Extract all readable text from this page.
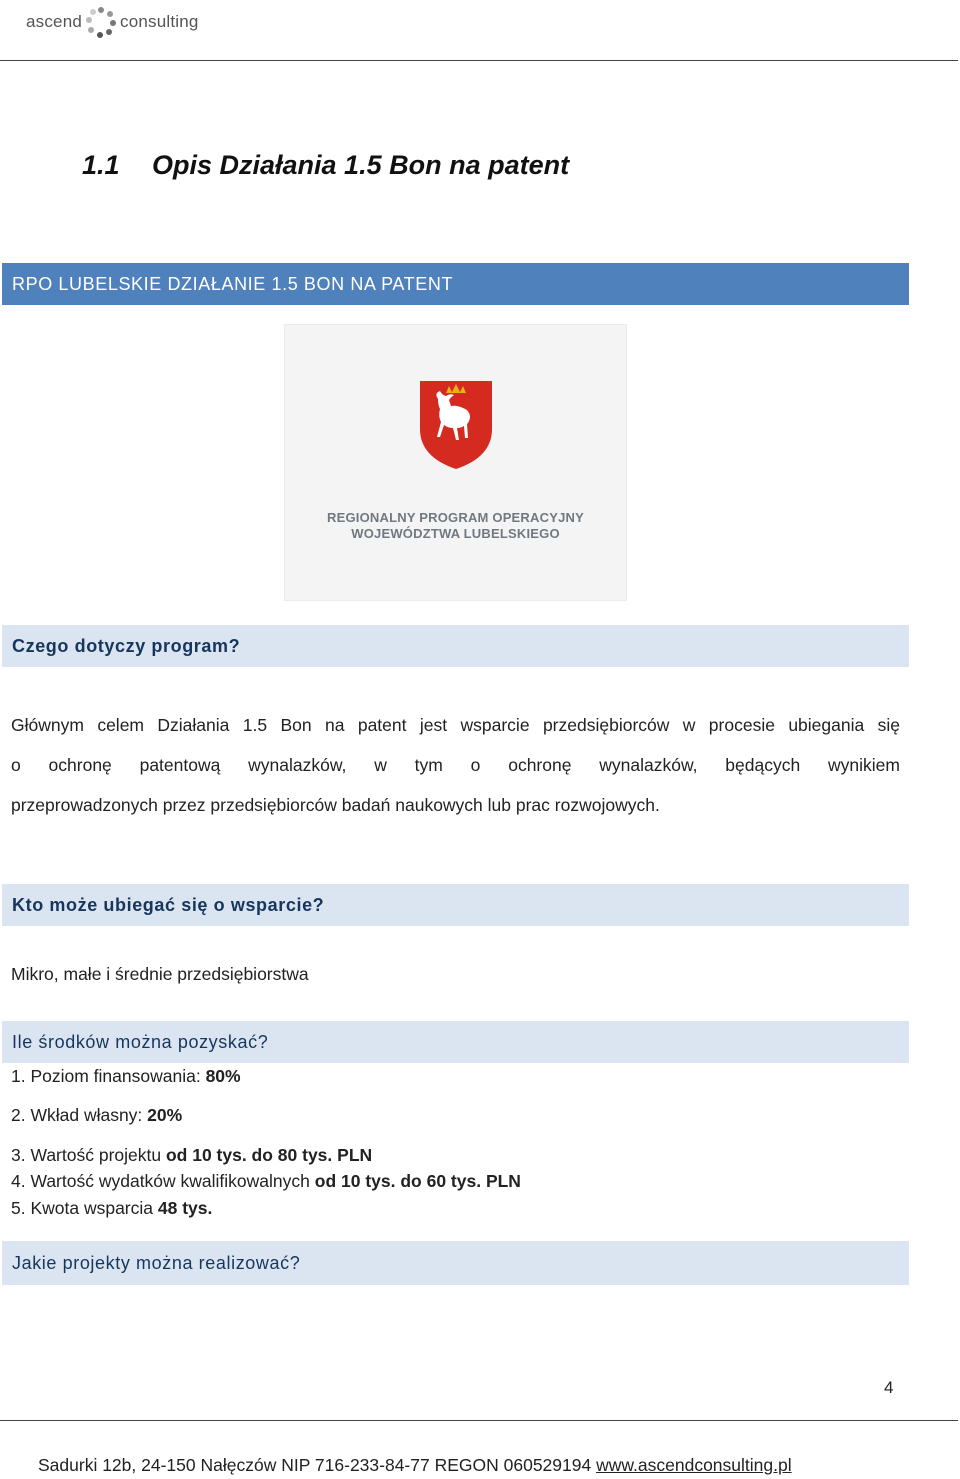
ascend consulting
1.1 Opis Działania 1.5 Bon na patent
RPO LUBELSKIE DZIAŁANIE 1.5 BON NA PATENT
REGIONALNY PROGRAM OPERACYJNY
WOJEWÓDZTWA LUBELSKIEGO
Czego dotyczy program?
Głównym celem Działania 1.5 Bon na patent jest wsparcie przedsiębiorców w procesie ubiegania się
o ochronę patentową wynalazków, w tym o ochronę wynalazków, będących wynikiem
przeprowadzonych przez przedsiębiorców badań naukowych lub prac rozwojowych.
Kto może ubiegać się o wsparcie?
Mikro, małe i średnie przedsiębiorstwa
Ile środków można pozyskać?
1. Poziom finansowania: 80%
2. Wkład własny: 20%
3. Wartość projektu od 10 tys. do 80 tys. PLN
4. Wartość wydatków kwalifikowalnych od 10 tys. do 60 tys. PLN
5. Kwota wsparcia 48 tys.
Jakie projekty można realizować?
4
Sadurki 12b, 24-150 Nałęczów NIP 716-233-84-77 REGON 060529194 www.ascendconsulting.pl
